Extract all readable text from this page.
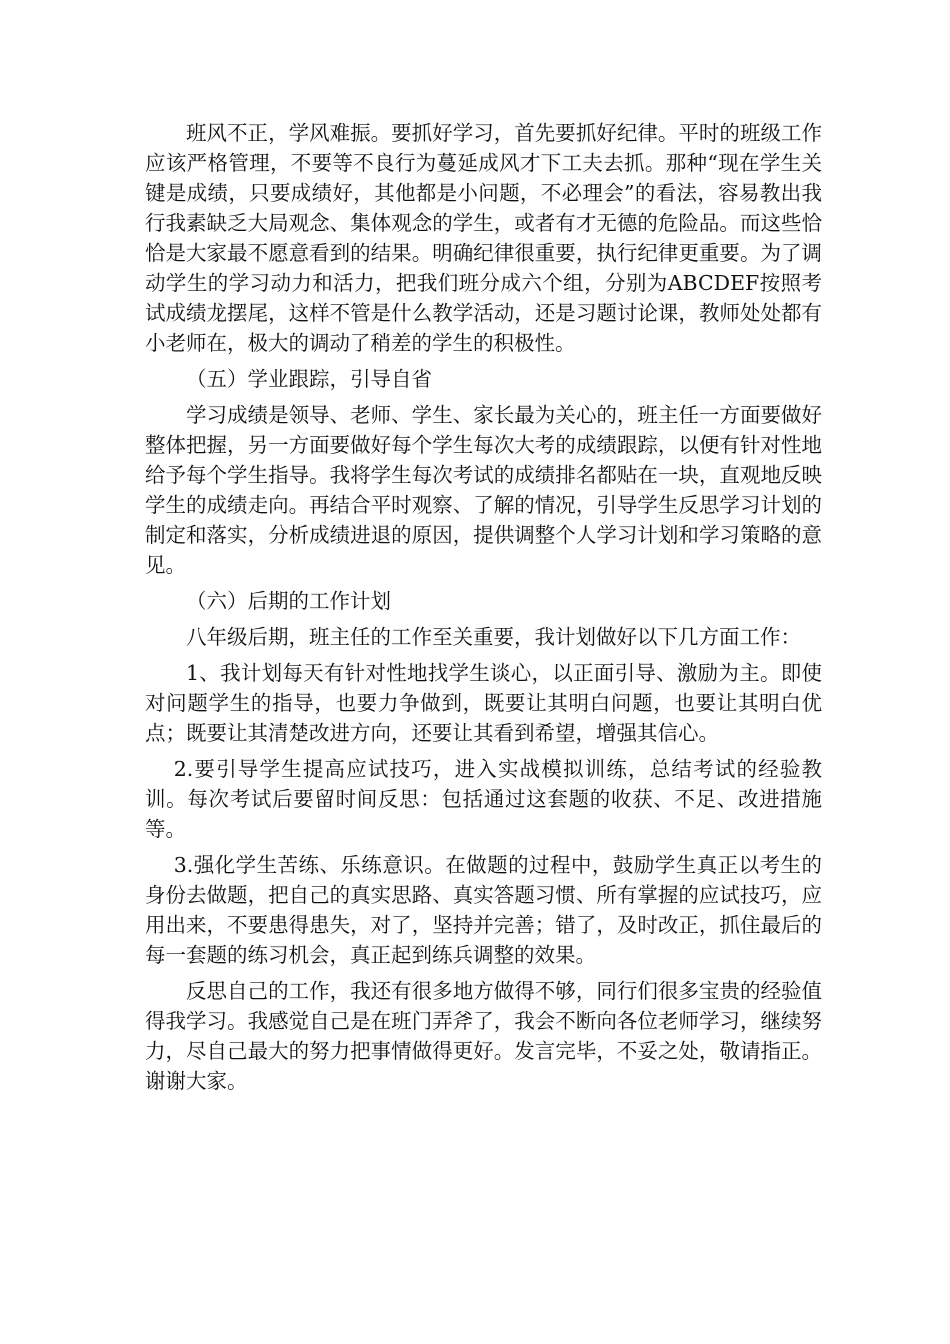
班风不正，学风难振。要抓好学习，首先要抓好纪律。平时的班级工作应该严格管理，不要等不良行为蔓延成风才下工夫去抓。那种“现在学生关键是成绩，只要成绩好，其他都是小问题，不必理会”的看法，容易教出我行我素缺乏大局观念、集体观念的学生，或者有才无德的危险品。而这些恰恰是大家最不愿意看到的结果。明确纪律很重要，执行纪律更重要。为了调动学生的学习动力和活力，把我们班分成六个组，分别为ABCDEF按照考试成绩龙摆尾，这样不管是什么教学活动，还是习题讨论课，教师处处都有小老师在，极大的调动了稍差的学生的积极性。

（五）学业跟踪，引导自省

学习成绩是领导、老师、学生、家长最为关心的，班主任一方面要做好整体把握，另一方面要做好每个学生每次大考的成绩跟踪，以便有针对性地给予每个学生指导。我将学生每次考试的成绩排名都贴在一块，直观地反映学生的成绩走向。再结合平时观察、了解的情况，引导学生反思学习计划的制定和落实，分析成绩进退的原因，提供调整个人学习计划和学习策略的意见。

（六）后期的工作计划

八年级后期，班主任的工作至关重要，我计划做好以下几方面工作：

1、我计划每天有针对性地找学生谈心，以正面引导、激励为主。即使对问题学生的指导，也要力争做到，既要让其明白问题，也要让其明白优点；既要让其清楚改进方向，还要让其看到希望，增强其信心。

2.要引导学生提高应试技巧，进入实战模拟训练，总结考试的经验教训。每次考试后要留时间反思：包括通过这套题的收获、不足、改进措施等。

3.强化学生苦练、乐练意识。在做题的过程中，鼓励学生真正以考生的身份去做题，把自己的真实思路、真实答题习惯、所有掌握的应试技巧，应用出来，不要患得患失，对了，坚持并完善；错了，及时改正，抓住最后的每一套题的练习机会，真正起到练兵调整的效果。

反思自己的工作，我还有很多地方做得不够，同行们很多宝贵的经验值得我学习。我感觉自己是在班门弄斧了，我会不断向各位老师学习，继续努力，尽自己最大的努力把事情做得更好。发言完毕，不妥之处，敬请指正。谢谢大家。
